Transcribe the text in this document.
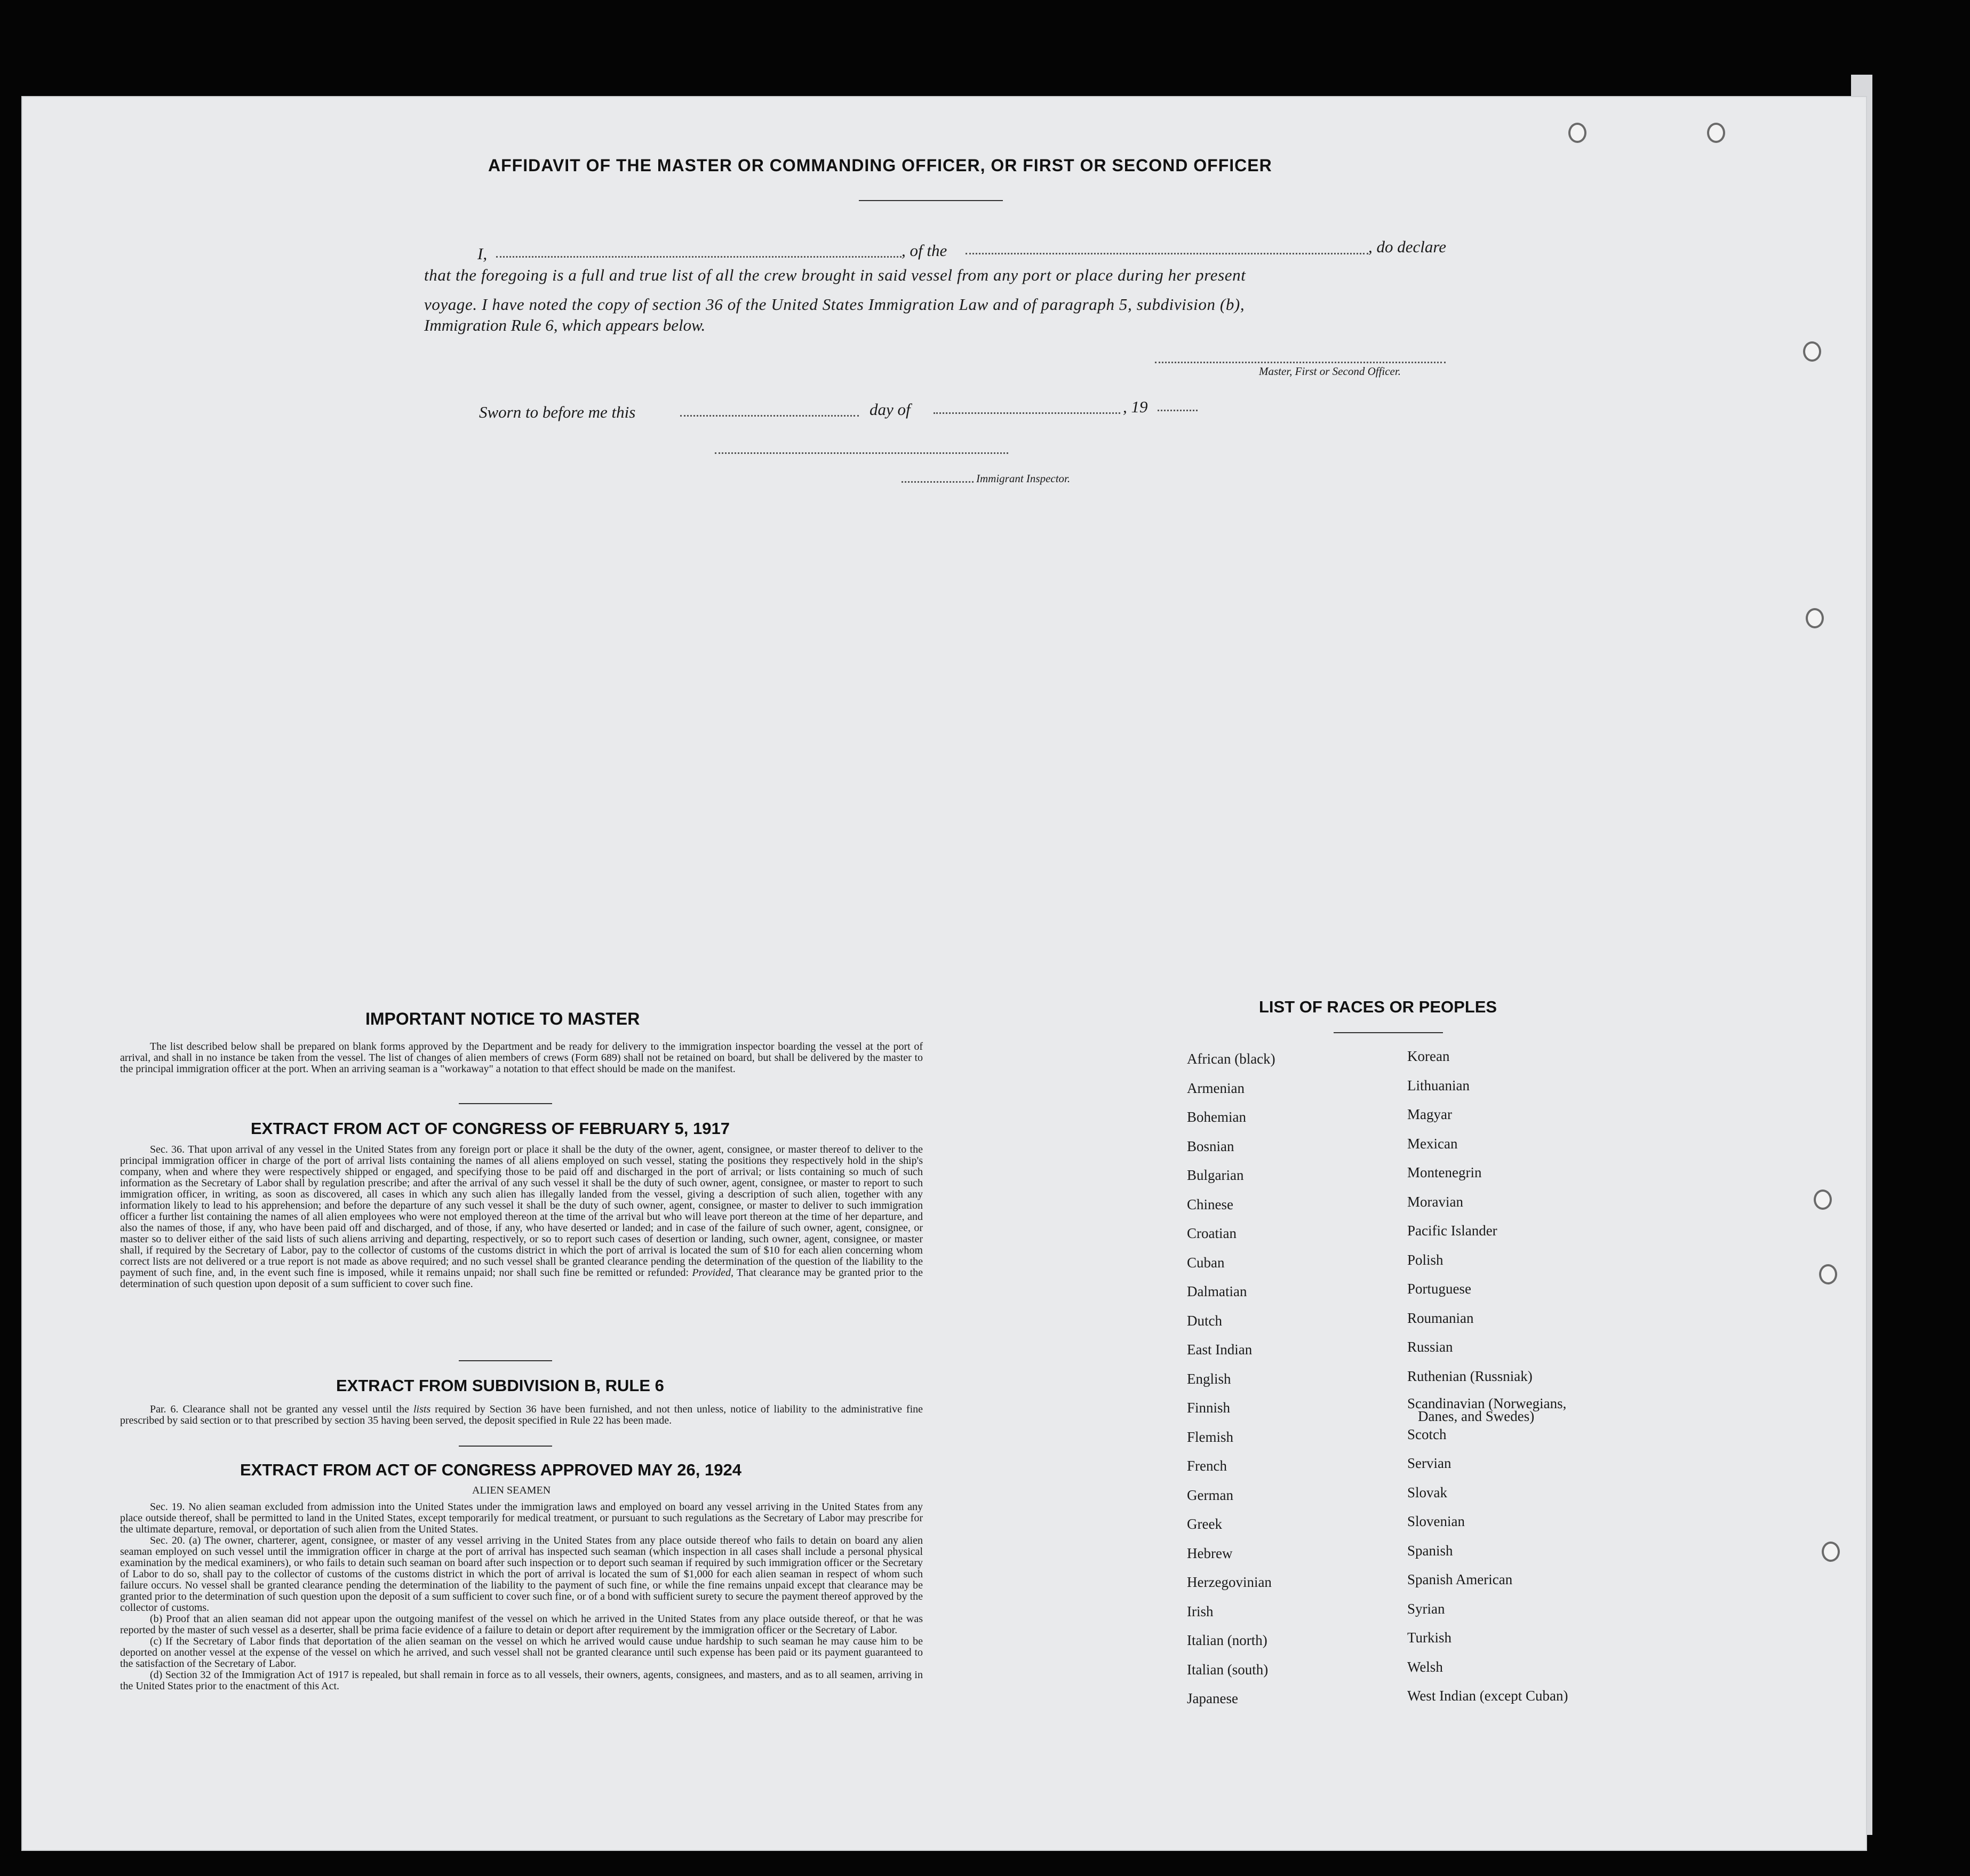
AFFIDAVIT OF THE MASTER OR COMMANDING OFFICER, OR FIRST OR SECOND OFFICER
I,	, of the	, do declare
that the foregoing is a full and true list of all the crew brought in said vessel from any port or place during her present
voyage. I have noted the copy of section 36 of the United States Immigration Law and of paragraph 5, subdivision (b),
Immigration Rule 6, which appears below.
Master, First or Second Officer.
Sworn to before me this	day of	, 19
Immigrant Inspector.
IMPORTANT NOTICE TO MASTER

The list described below shall be prepared on blank forms approved by the Department and be ready for delivery to the immigration inspector boarding the vessel at the port of arrival, and shall in no instance be taken from the vessel. The list of changes of alien members of crews (Form 689) shall not be retained on board, but shall be delivered by the master to the principal immigration officer at the port. When an arriving seaman is a "workaway" a notation to that effect should be made on the manifest.

EXTRACT FROM ACT OF CONGRESS OF FEBRUARY 5, 1917

Sec. 36. That upon arrival of any vessel in the United States from any foreign port or place it shall be the duty of the owner, agent, consignee, or master thereof to deliver to the principal immigration officer in charge of the port of arrival lists containing the names of all aliens employed on such vessel, stating the positions they respectively hold in the ship's company, when and where they were respectively shipped or engaged, and specifying those to be paid off and discharged in the port of arrival; or lists containing so much of such information as the Secretary of Labor shall by regulation prescribe; and after the arrival of any such vessel it shall be the duty of such owner, agent, consignee, or master to report to such immigration officer, in writing, as soon as discovered, all cases in which any such alien has illegally landed from the vessel, giving a description of such alien, together with any information likely to lead to his apprehension; and before the departure of any such vessel it shall be the duty of such owner, agent, consignee, or master to deliver to such immigration officer a further list containing the names of all alien employees who were not employed thereon at the time of the arrival but who will leave port thereon at the time of her departure, and also the names of those, if any, who have been paid off and discharged, and of those, if any, who have deserted or landed; and in case of the failure of such owner, agent, consignee, or master so to deliver either of the said lists of such aliens arriving and departing, respectively, or so to report such cases of desertion or landing, such owner, agent, consignee, or master shall, if required by the Secretary of Labor, pay to the collector of customs of the customs district in which the port of arrival is located the sum of $10 for each alien concerning whom correct lists are not delivered or a true report is not made as above required; and no such vessel shall be granted clearance pending the determination of the question of the liability to the payment of such fine, and, in the event such fine is imposed, while it remains unpaid; nor shall such fine be remitted or refunded: Provided, That clearance may be granted prior to the determination of such question upon deposit of a sum sufficient to cover such fine.

EXTRACT FROM SUBDIVISION B, RULE 6

Par. 6. Clearance shall not be granted any vessel until the lists required by Section 36 have been furnished, and not then unless, notice of liability to the administrative fine prescribed by said section or to that prescribed by section 35 having been served, the deposit specified in Rule 22 has been made.

EXTRACT FROM ACT OF CONGRESS APPROVED MAY 26, 1924
ALIEN SEAMEN

Sec. 19. No alien seaman excluded from admission into the United States under the immigration laws and employed on board any vessel arriving in the United States from any place outside thereof, shall be permitted to land in the United States, except temporarily for medical treatment, or pursuant to such regulations as the Secretary of Labor may prescribe for the ultimate departure, removal, or deportation of such alien from the United States.

Sec. 20. (a) The owner, charterer, agent, consignee, or master of any vessel arriving in the United States from any place outside thereof who fails to detain on board any alien seaman employed on such vessel until the immigration officer in charge at the port of arrival has inspected such seaman (which inspection in all cases shall include a personal physical examination by the medical examiners), or who fails to detain such seaman on board after such inspection or to deport such seaman if required by such immigration officer or the Secretary of Labor to do so, shall pay to the collector of customs of the customs district in which the port of arrival is located the sum of $1,000 for each alien seaman in respect of whom such failure occurs. No vessel shall be granted clearance pending the determination of the liability to the payment of such fine, or while the fine remains unpaid except that clearance may be granted prior to the determination of such question upon the deposit of a sum sufficient to cover such fine, or of a bond with sufficient surety to secure the payment thereof approved by the collector of customs.

(b) Proof that an alien seaman did not appear upon the outgoing manifest of the vessel on which he arrived in the United States from any place outside thereof, or that he was reported by the master of such vessel as a deserter, shall be prima facie evidence of a failure to detain or deport after requirement by the immigration officer or the Secretary of Labor.

(c) If the Secretary of Labor finds that deportation of the alien seaman on the vessel on which he arrived would cause undue hardship to such seaman he may cause him to be deported on another vessel at the expense of the vessel on which he arrived, and such vessel shall not be granted clearance until such expense has been paid or its payment guaranteed to the satisfaction of the Secretary of Labor.

(d) Section 32 of the Immigration Act of 1917 is repealed, but shall remain in force as to all vessels, their owners, agents, consignees, and masters, and as to all seamen, arriving in the United States prior to the enactment of this Act.

LIST OF RACES OR PEOPLES
African (black)
Armenian
Bohemian
Bosnian
Bulgarian
Chinese
Croatian
Cuban
Dalmatian
Dutch
East Indian
English
Finnish
Flemish
French
German
Greek
Hebrew
Herzegovinian
Irish
Italian (north)
Italian (south)
Japanese
Korean
Lithuanian
Magyar
Mexican
Montenegrin
Moravian
Pacific Islander
Polish
Portuguese
Roumanian
Russian
Ruthenian (Russniak)
Scandinavian (Norwegians,
Danes, and Swedes)
Scotch
Servian
Slovak
Slovenian
Spanish
Spanish American
Syrian
Turkish
Welsh
West Indian (except Cuban)
